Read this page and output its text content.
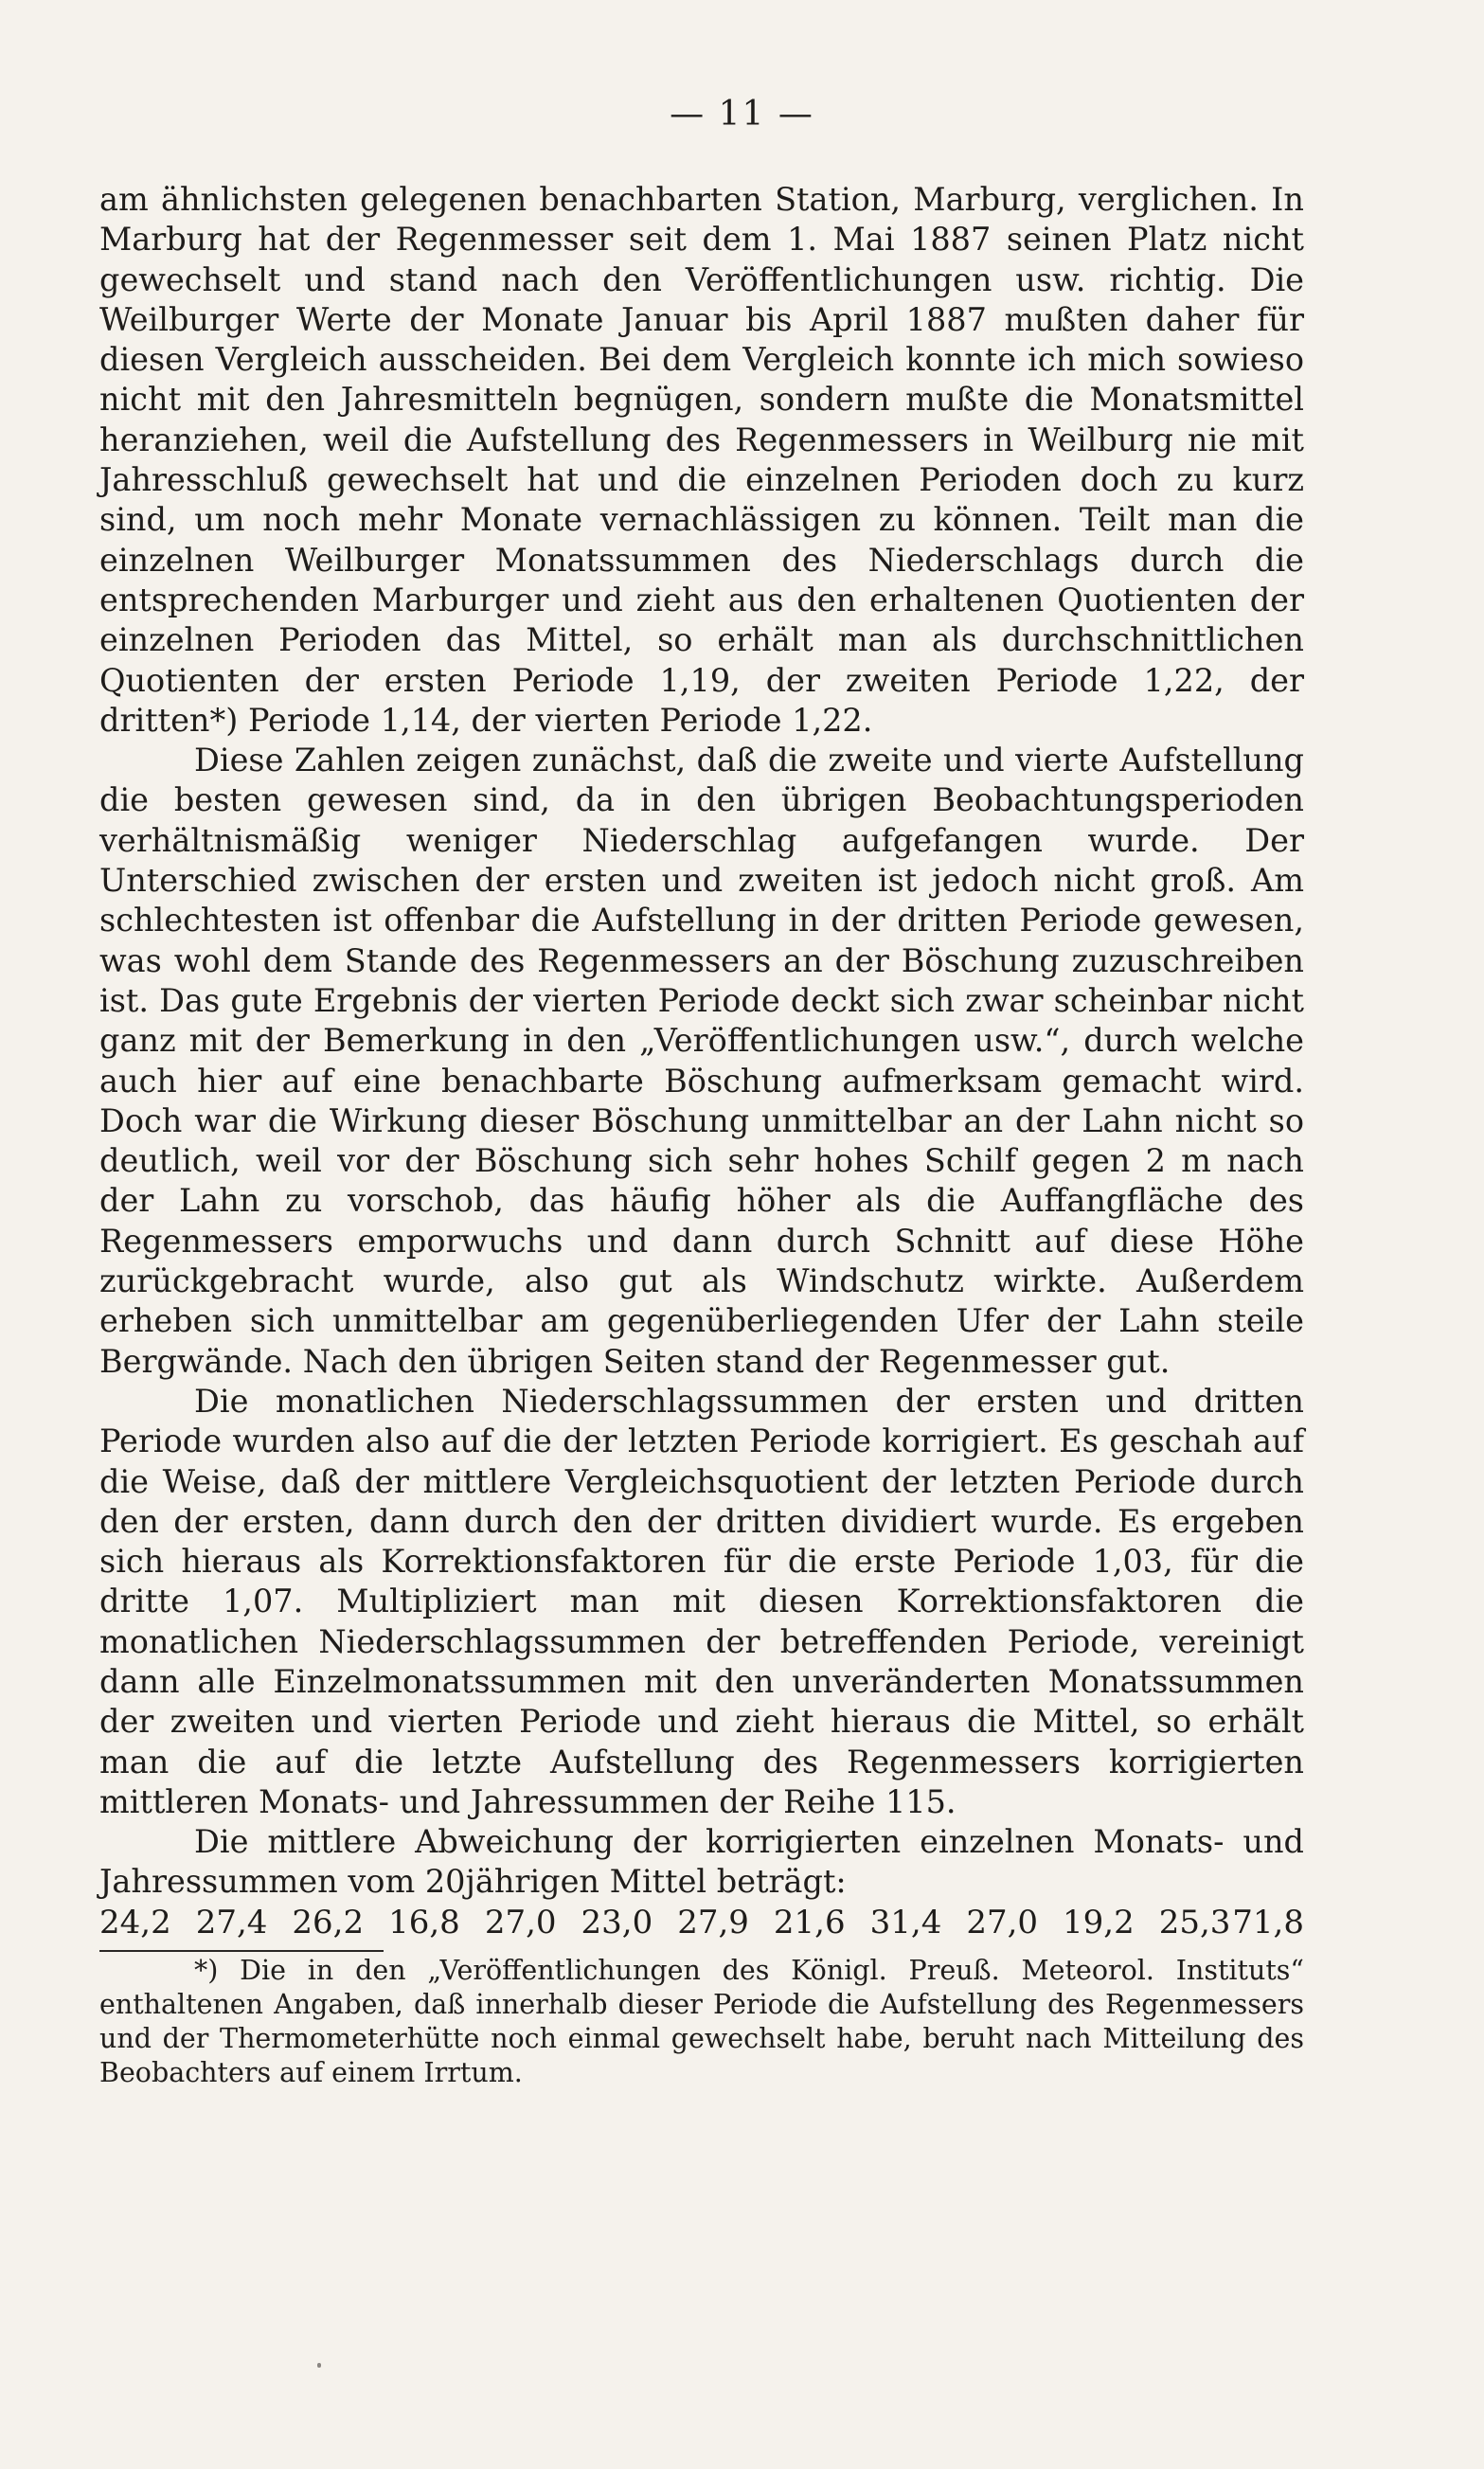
— 11 —

am ähnlichsten gelegenen benachbarten Station, Marburg, verglichen. In Marburg hat der Regenmesser seit dem 1. Mai 1887 seinen Platz nicht gewechselt und stand nach den Veröffentlichungen usw. richtig. Die Weilburger Werte der Monate Januar bis April 1887 mußten daher für diesen Vergleich ausscheiden. Bei dem Vergleich konnte ich mich sowieso nicht mit den Jahresmitteln begnügen, sondern mußte die Monatsmittel heranziehen, weil die Aufstellung des Regenmessers in Weilburg nie mit Jahresschluß gewechselt hat und die einzelnen Perioden doch zu kurz sind, um noch mehr Monate vernachlässigen zu können. Teilt man die einzelnen Weilburger Monatssummen des Niederschlags durch die entsprechenden Marburger und zieht aus den erhaltenen Quotienten der einzelnen Perioden das Mittel, so erhält man als durchschnittlichen Quotienten der ersten Periode 1,19, der zweiten Periode 1,22, der dritten*) Periode 1,14, der vierten Periode 1,22.

Diese Zahlen zeigen zunächst, daß die zweite und vierte Aufstellung die besten gewesen sind, da in den übrigen Beobachtungsperioden verhältnismäßig weniger Niederschlag aufgefangen wurde. Der Unterschied zwischen der ersten und zweiten ist jedoch nicht groß. Am schlechtesten ist offenbar die Aufstellung in der dritten Periode gewesen, was wohl dem Stande des Regenmessers an der Böschung zuzuschreiben ist. Das gute Ergebnis der vierten Periode deckt sich zwar scheinbar nicht ganz mit der Bemerkung in den „Veröffentlichungen usw.“, durch welche auch hier auf eine benachbarte Böschung aufmerksam gemacht wird. Doch war die Wirkung dieser Böschung unmittelbar an der Lahn nicht so deutlich, weil vor der Böschung sich sehr hohes Schilf gegen 2 m nach der Lahn zu vorschob, das häufig höher als die Auffangfläche des Regenmessers emporwuchs und dann durch Schnitt auf diese Höhe zurückgebracht wurde, also gut als Windschutz wirkte. Außerdem erheben sich unmittelbar am gegenüberliegenden Ufer der Lahn steile Bergwände. Nach den übrigen Seiten stand der Regenmesser gut.

Die monatlichen Niederschlagssummen der ersten und dritten Periode wurden also auf die der letzten Periode korrigiert. Es geschah auf die Weise, daß der mittlere Vergleichsquotient der letzten Periode durch den der ersten, dann durch den der dritten dividiert wurde. Es ergeben sich hieraus als Korrektionsfaktoren für die erste Periode 1,03, für die dritte 1,07. Multipliziert man mit diesen Korrektionsfaktoren die monatlichen Niederschlagssummen der betreffenden Periode, vereinigt dann alle Einzelmonatssummen mit den unveränderten Monatssummen der zweiten und vierten Periode und zieht hieraus die Mittel, so erhält man die auf die letzte Aufstellung des Regenmessers korrigierten mittleren Monats- und Jahressummen der Reihe 115.

Die mittlere Abweichung der korrigierten einzelnen Monats- und Jahressummen vom 20jährigen Mittel beträgt:

24,2 27,4 26,2 16,8 27,0 23,0 27,9 21,6 31,4 27,0 19,2 25,3 71,8

*) Die in den „Veröffentlichungen des Königl. Preuß. Meteorol. Instituts“ enthaltenen Angaben, daß innerhalb dieser Periode die Aufstellung des Regenmessers und der Thermometerhütte noch einmal gewechselt habe, beruht nach Mitteilung des Beobachters auf einem Irrtum.
